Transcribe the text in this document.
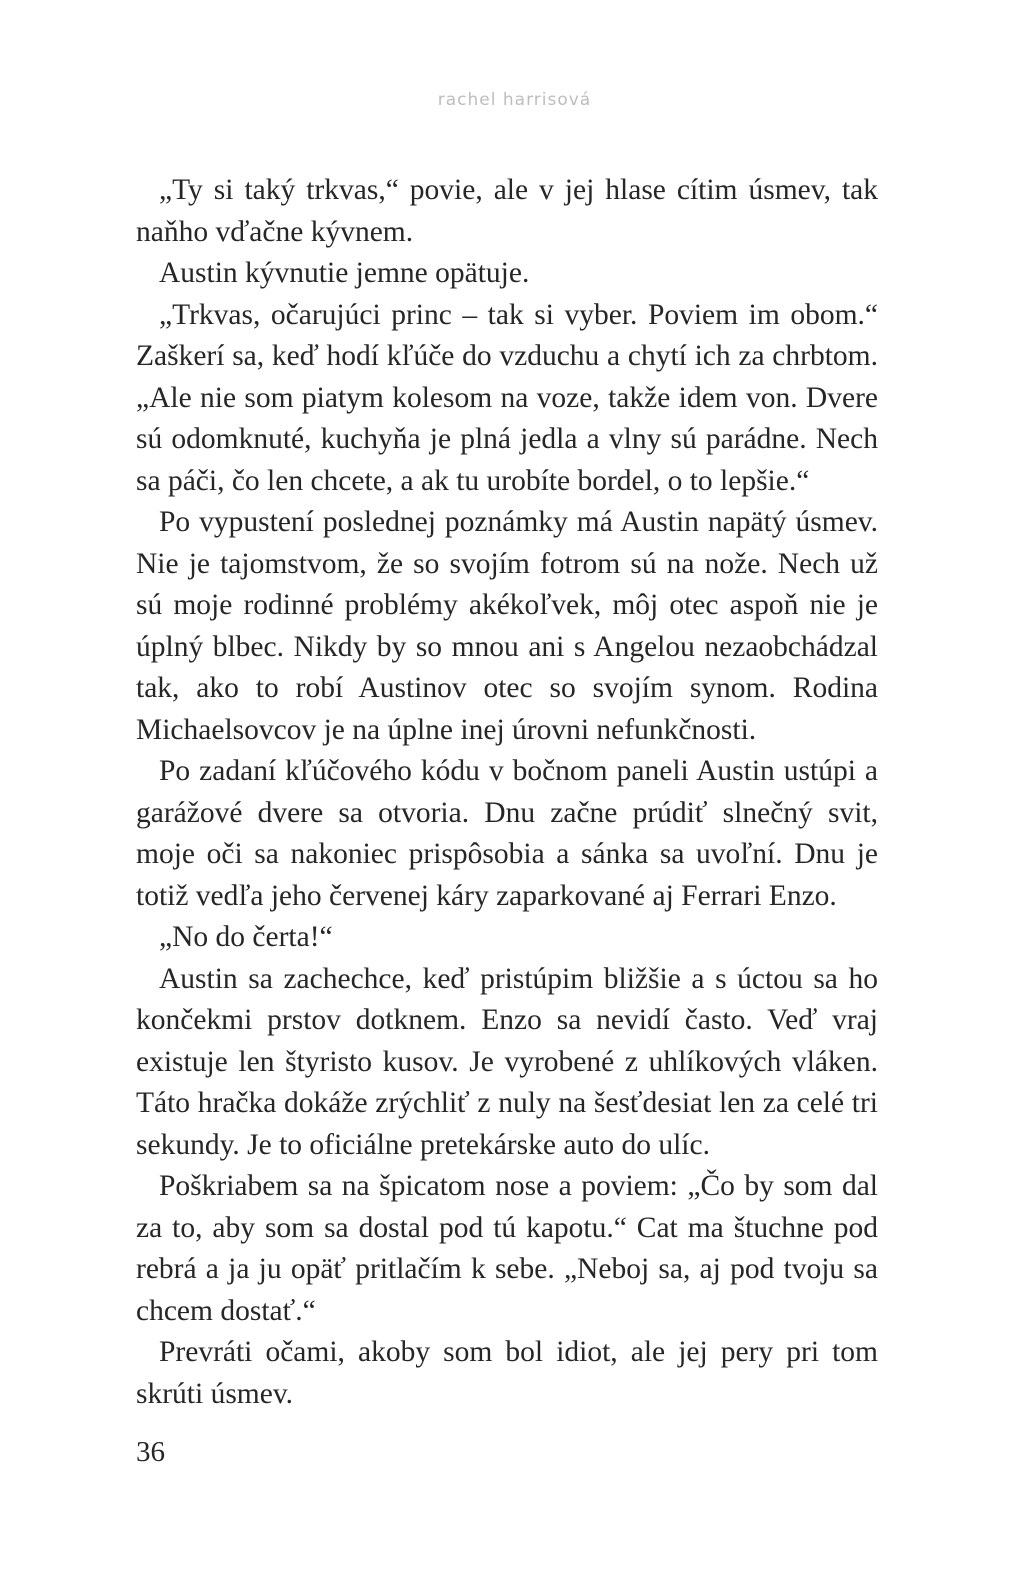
rachel harrisová

„Ty si taký trkvas,“ povie, ale v jej hlase cítim úsmev, tak naňho vďačne kývnem.

Austin kývnutie jemne opätuje.

„Trkvas, očarujúci princ – tak si vyber. Poviem im obom.“ Zaškerí sa, keď hodí kľúče do vzduchu a chytí ich za chrbtom. „Ale nie som piatym kolesom na voze, takže idem von. Dvere sú odomknuté, kuchyňa je plná jedla a vlny sú parádne. Nech sa páči, čo len chcete, a ak tu urobíte bordel, o to lepšie.“

Po vypustení poslednej poznámky má Austin napätý úsmev. Nie je tajomstvom, že so svojím fotrom sú na nože. Nech už sú moje rodinné problémy akékoľvek, môj otec aspoň nie je úplný blbec. Nikdy by so mnou ani s Angelou nezaobchádzal tak, ako to robí Austinov otec so svojím synom. Rodina Michaelsovcov je na úplne inej úrovni nefunkčnosti.

Po zadaní kľúčového kódu v bočnom paneli Austin ustúpi a garážové dvere sa otvoria. Dnu začne prúdiť slnečný svit, moje oči sa nakoniec prispôsobia a sánka sa uvoľní. Dnu je totiž vedľa jeho červenej káry zaparkované aj Ferrari Enzo.

„No do čerta!“

Austin sa zachechce, keď pristúpim bližšie a s úctou sa ho končekmi prstov dotknem. Enzo sa nevidí často. Veď vraj existuje len štyristo kusov. Je vyrobené z uhlíkových vláken. Táto hračka dokáže zrýchliť z nuly na šesťdesiat len za celé tri sekundy. Je to oficiálne pretekárske auto do ulíc.

Poškriabem sa na špicatom nose a poviem: „Čo by som dal za to, aby som sa dostal pod tú kapotu.“ Cat ma štuchne pod rebrá a ja ju opäť pritlačím k sebe. „Neboj sa, aj pod tvoju sa chcem dostať.“

Prevráti očami, akoby som bol idiot, ale jej pery pri tom skrúti úsmev.

36
